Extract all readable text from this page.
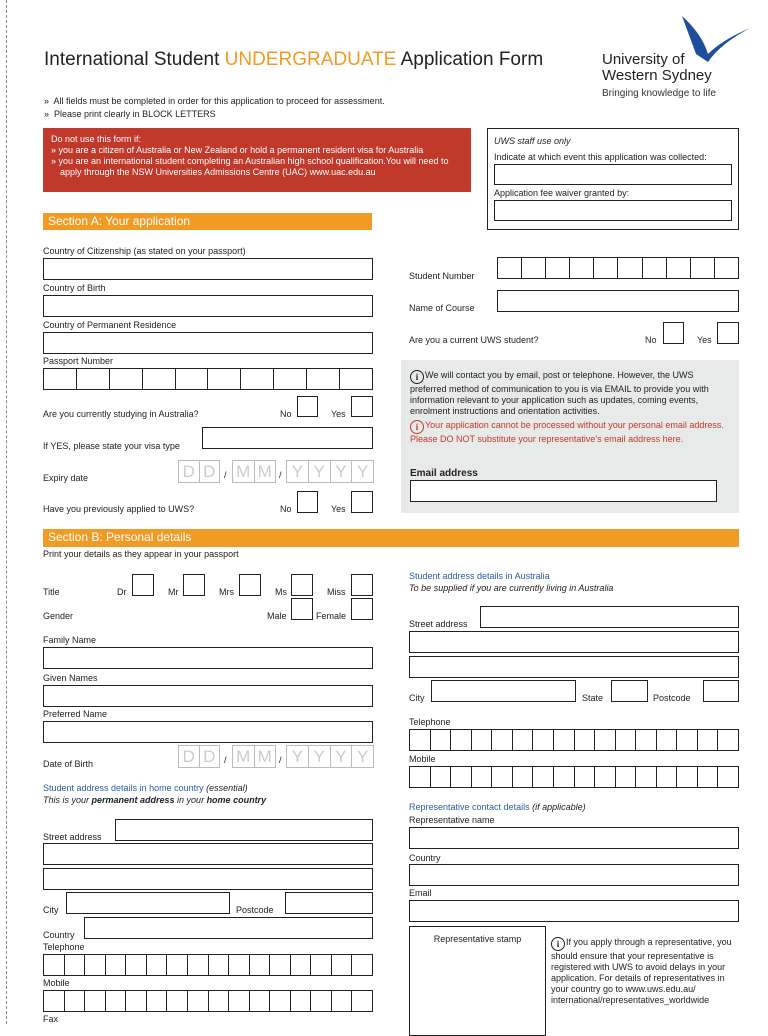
International Student UNDERGRADUATE Application Form
» All fields must be completed in order for this application to proceed for assessment.
» Please print clearly in BLOCK LETTERS
University of
Western Sydney
Bringing knowledge to life
Do not use this form if:
» you are a citizen of Australia or New Zealand or hold a permanent resident visa for Australia
» you are an international student completing an Australian high school qualification.You will need to apply through the NSW Universities Admissions Centre (UAC) www.uac.edu.au
UWS staff use only
Indicate at which event this application was collected:
Application fee waiver granted by:
Section A: Your application
Country of Citizenship (as stated on your passport)
Country of Birth
Country of Permanent Residence
Passport Number
Are you currently studying in Australia?	No	Yes
If YES, please state your visa type
Expiry date	D D / M M / Y Y Y Y
Have you previously applied to UWS?	No	Yes
Student Number
Name of Course
Are you a current UWS student?	No	Yes
i We will contact you by email, post or telephone. However, the UWS preferred method of communication to you is via EMAIL to provide you with information relevant to your application such as updates, coming events, enrolment instructions and orientation activities.
i Your application cannot be processed without your personal email address. Please DO NOT substitute your representative's email address here.
Email address
Section B: Personal details
Print your details as they appear in your passport
Title	Dr	Mr	Mrs	Ms	Miss
Gender	Male	Female
Family Name
Given Names
Preferred Name
Date of Birth	D D / M M / Y Y Y Y
Student address details in home country (essential)
This is your permanent address in your home country
Street address
City	Postcode
Country
Telephone
Mobile
Fax
Student address details in Australia
To be supplied if you are currently living in Australia
Street address
City	State	Postcode
Telephone
Mobile
Representative contact details (if applicable)
Representative name
Country
Email
Representative stamp	i If you apply through a representative, you should ensure that your representative is registered with UWS to avoid delays in your application. For details of representatives in your country go to www.uws.edu.au/ international/representatives_worldwide
